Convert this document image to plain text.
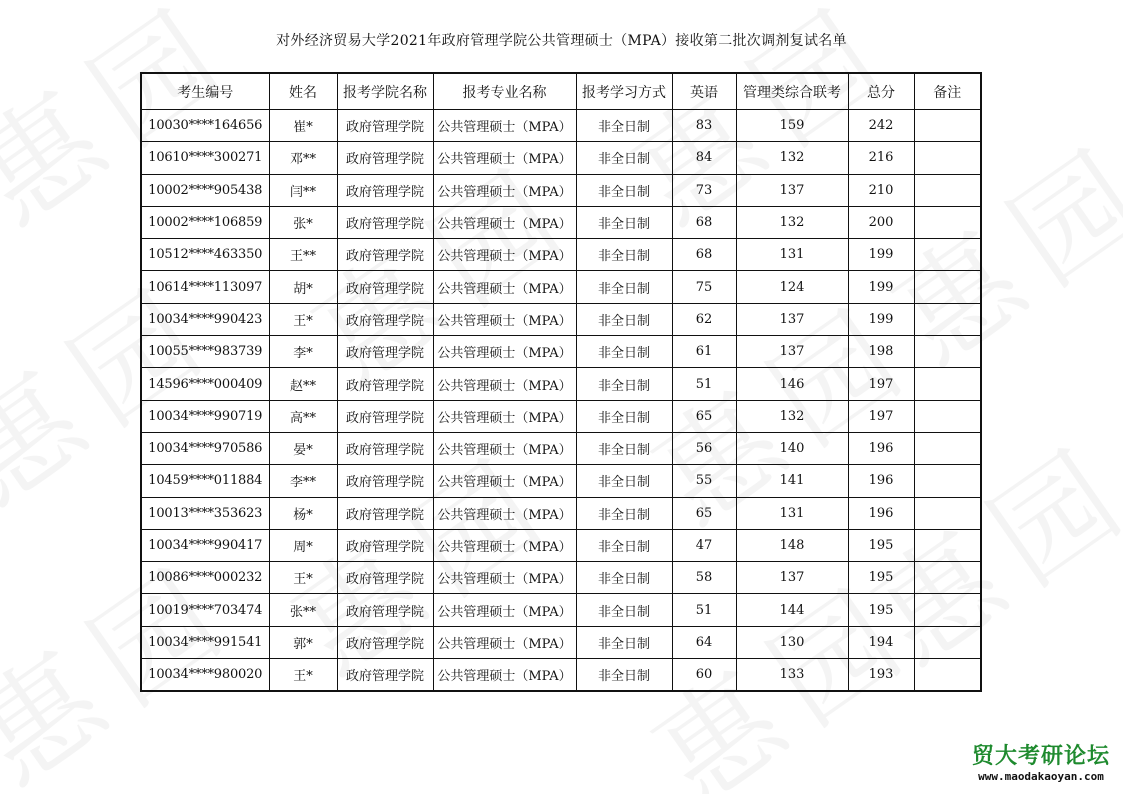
对外经济贸易大学2021年政府管理学院公共管理硕士（MPA）接收第二批次调剂复试名单
考生编号	姓名	报考学院名称	报考专业名称	报考学习方式	英语	管理类综合联考	总分	备注
10030****164656	崔*	政府管理学院	公共管理硕士（MPA）	非全日制	83	159	242	
10610****300271	邓**	政府管理学院	公共管理硕士（MPA）	非全日制	84	132	216	
10002****905438	闫**	政府管理学院	公共管理硕士（MPA）	非全日制	73	137	210	
10002****106859	张*	政府管理学院	公共管理硕士（MPA）	非全日制	68	132	200	
10512****463350	王**	政府管理学院	公共管理硕士（MPA）	非全日制	68	131	199	
10614****113097	胡*	政府管理学院	公共管理硕士（MPA）	非全日制	75	124	199	
10034****990423	王*	政府管理学院	公共管理硕士（MPA）	非全日制	62	137	199	
10055****983739	李*	政府管理学院	公共管理硕士（MPA）	非全日制	61	137	198	
14596****000409	赵**	政府管理学院	公共管理硕士（MPA）	非全日制	51	146	197	
10034****990719	高**	政府管理学院	公共管理硕士（MPA）	非全日制	65	132	197	
10034****970586	晏*	政府管理学院	公共管理硕士（MPA）	非全日制	56	140	196	
10459****011884	李**	政府管理学院	公共管理硕士（MPA）	非全日制	55	141	196	
10013****353623	杨*	政府管理学院	公共管理硕士（MPA）	非全日制	65	131	196	
10034****990417	周*	政府管理学院	公共管理硕士（MPA）	非全日制	47	148	195	
10086****000232	王*	政府管理学院	公共管理硕士（MPA）	非全日制	58	137	195	
10019****703474	张**	政府管理学院	公共管理硕士（MPA）	非全日制	51	144	195	
10034****991541	郭*	政府管理学院	公共管理硕士（MPA）	非全日制	64	130	194	
10034****980020	王*	政府管理学院	公共管理硕士（MPA）	非全日制	60	133	193	
贸大考研论坛
www.maodakaoyan.com
